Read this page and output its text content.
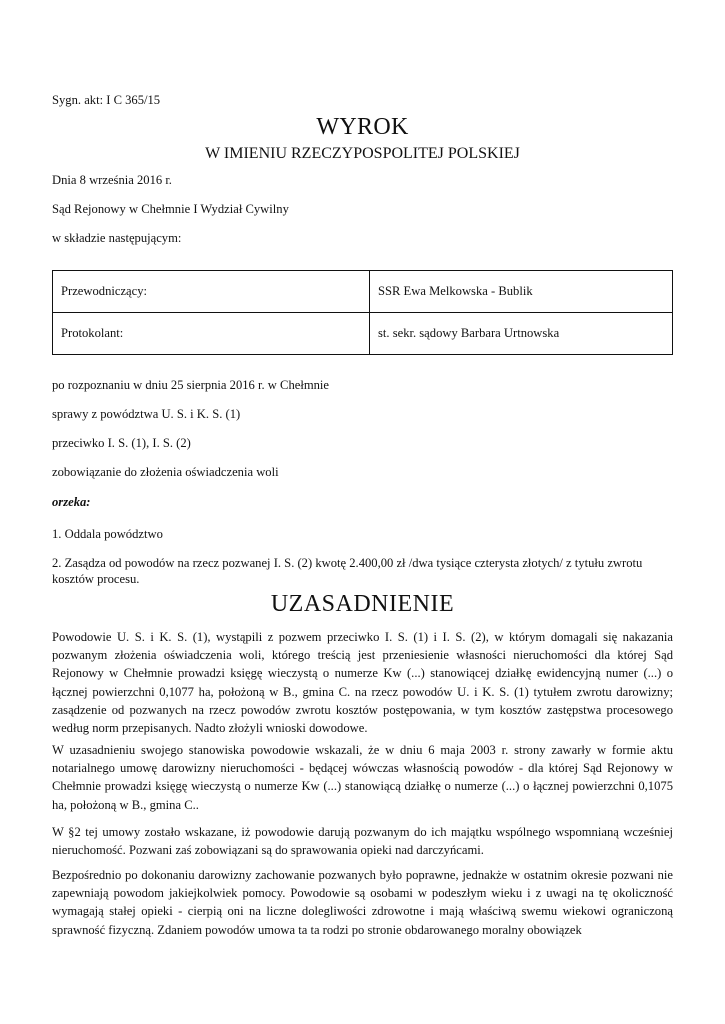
Sygn. akt: I C 365/15

WYROK

W IMIENIU RZECZYPOSPOLITEJ POLSKIEJ

Dnia 8 września 2016 r.

Sąd Rejonowy w Chełmnie I Wydział Cywilny

w składzie następującym:

Przewodniczący:	SSR Ewa Melkowska - Bublik
Protokolant:	st. sekr. sądowy Barbara Urtnowska

po rozpoznaniu w dniu 25 sierpnia 2016 r. w Chełmnie

sprawy z powództwa U. S. i K. S. (1)

przeciwko I. S. (1), I. S. (2)

zobowiązanie do złożenia oświadczenia woli

orzeka:

1. Oddala powództwo

2. Zasądza od powodów na rzecz pozwanej I. S. (2) kwotę 2.400,00 zł /dwa tysiące czterysta złotych/ z tytułu zwrotu

kosztów procesu.

UZASADNIENIE

Powodowie U. S. i K. S. (1), wystąpili z pozwem przeciwko I. S. (1) i I. S. (2), w którym domagali się nakazania pozwanym złożenia oświadczenia woli, którego treścią jest przeniesienie własności nieruchomości dla której Sąd Rejonowy w Chełmnie prowadzi księgę wieczystą o numerze Kw (...) stanowiącej działkę ewidencyjną numer (...) o łącznej powierzchni 0,1077 ha, położoną w B., gmina C. na rzecz powodów U. i K. S. (1) tytułem zwrotu darowizny; zasądzenie od pozwanych na rzecz powodów zwrotu kosztów postępowania, w tym kosztów zastępstwa procesowego według norm przepisanych. Nadto złożyli wnioski dowodowe.

W uzasadnieniu swojego stanowiska powodowie wskazali, że w dniu 6 maja 2003 r. strony zawarły w formie aktu notarialnego umowę darowizny nieruchomości - będącej wówczas własnością powodów - dla której Sąd Rejonowy w Chełmnie prowadzi księgę wieczystą o numerze Kw (...) stanowiącą działkę o numerze (...) o łącznej powierzchni 0,1075 ha, położoną w B., gmina C..

W §2 tej umowy zostało wskazane, iż powodowie darują pozwanym do ich majątku wspólnego wspomnianą wcześniej nieruchomość. Pozwani zaś zobowiązani są do sprawowania opieki nad darczyńcami.

Bezpośrednio po dokonaniu darowizny zachowanie pozwanych było poprawne, jednakże w ostatnim okresie pozwani nie zapewniają powodom jakiejkolwiek pomocy. Powodowie są osobami w podeszłym wieku i z uwagi na tę okoliczność wymagają stałej opieki - cierpią oni na liczne dolegliwości zdrowotne i mają właściwą swemu wiekowi ograniczoną sprawność fizyczną. Zdaniem powodów umowa ta ta rodzi po stronie obdarowanego moralny obowiązek
